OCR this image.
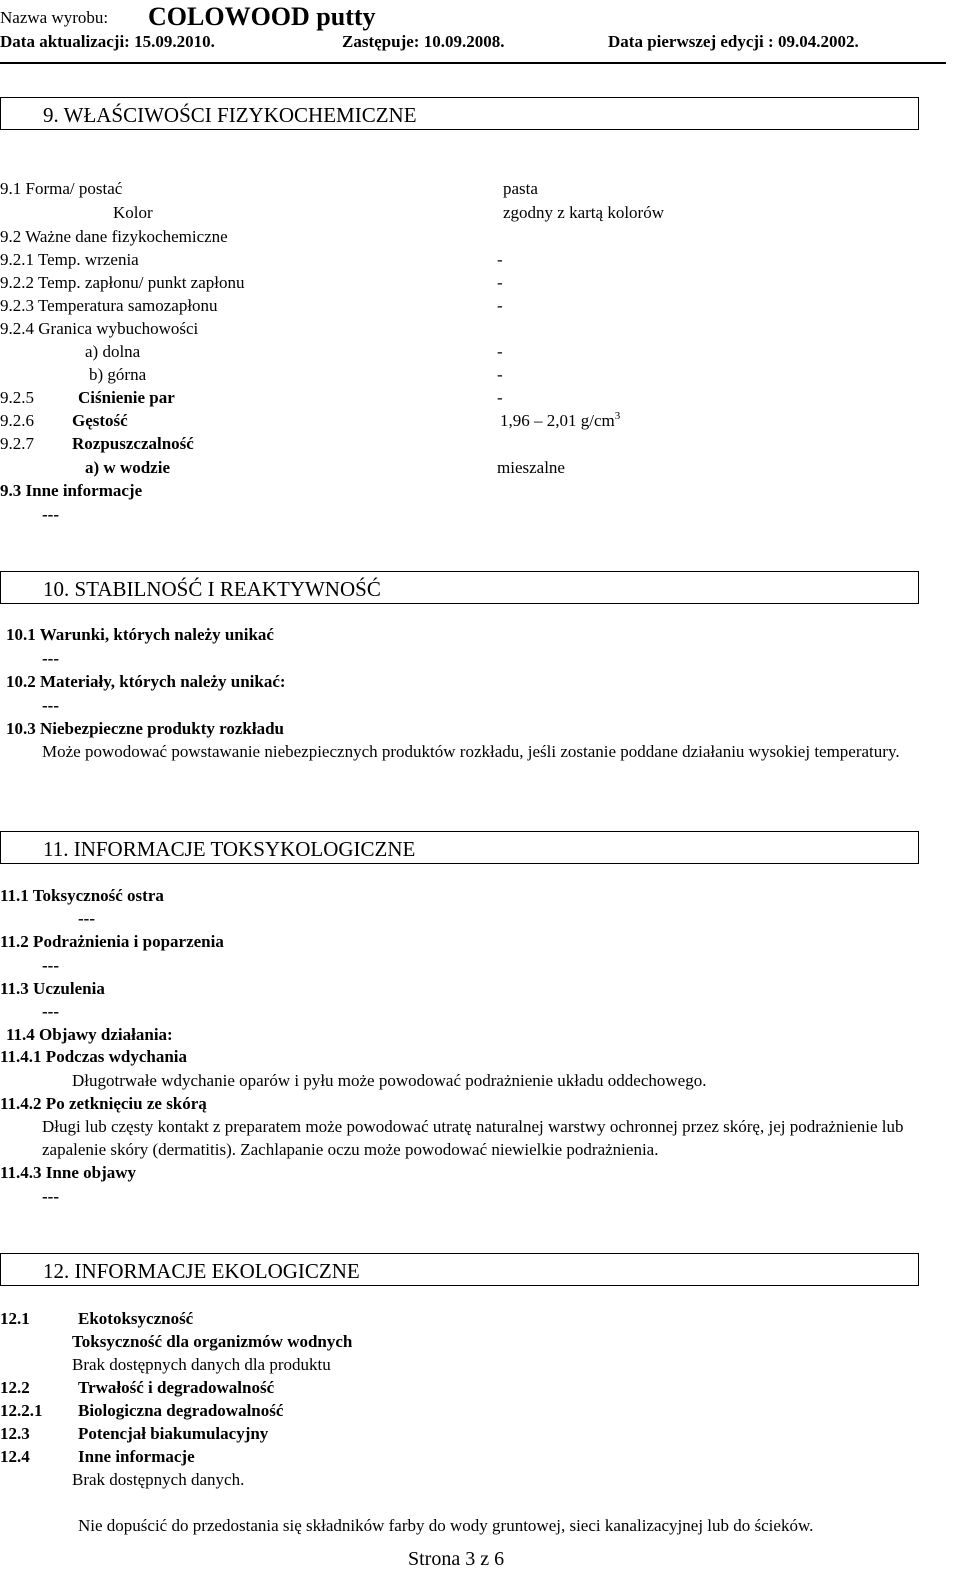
Nazwa wyrobu: COLOWOOD putty
Data aktualizacji: 15.09.2010.	Zastępuje: 10.09.2008.	Data pierwszej edycji : 09.04.2002.
9. WŁAŚCIWOŚCI FIZYKOCHEMICZNE
9.1 Forma/ postać	pasta
Kolor	zgodny z kartą kolorów
9.2 Ważne dane fizykochemiczne
9.2.1 Temp. wrzenia	-
9.2.2 Temp. zapłonu/ punkt zapłonu	-
9.2.3 Temperatura samozapłonu	-
9.2.4 Granica wybuchowości
a) dolna	-
b) górna	-
9.2.5	Ciśnienie par	-
9.2.6 Gęstość	1,96 – 2,01 $g/cm^3$
9.2.7 Rozpuszczalność
a) w wodzie	mieszalne
9.3 Inne informacje
---
10. STABILNOŚĆ I REAKTYWNOŚĆ
10.1 Warunki, których należy unikać
---
10.2 Materiały, których należy unikać:
---
10.3 Niebezpieczne produkty rozkładu
Może powodować powstawanie niebezpiecznych produktów rozkładu, jeśli zostanie poddane działaniu wysokiej temperatury.
11. INFORMACJE TOKSYKOLOGICZNE
11.1 Toksyczność ostra
---
11.2 Podrażnienia i poparzenia
---
11.3 Uczulenia
---
11.4 Objawy działania:
11.4.1 Podczas wdychania
Długotrwałe wdychanie oparów i pyłu może powodować podrażnienie układu oddechowego.
11.4.2 Po zetknięciu ze skórą
Długi lub częsty kontakt z preparatem może powodować utratę naturalnej warstwy ochronnej przez skórę, jej podrażnienie lub zapalenie skóry (dermatitis). Zachlapanie oczu może powodować niewielkie podrażnienia.
11.4.3 Inne objawy
---
12. INFORMACJE EKOLOGICZNE
12.1	Ekotoksyczność
Toksyczność dla organizmów wodnych
Brak dostępnych danych dla produktu
12.2	Trwałość i degradowalność
12.2.1 Biologiczna degradowalność
12.3	Potencjał biakumulacyjny
12.4	Inne informacje
Brak dostępnych danych.
Nie dopuścić do przedostania się składników farby do wody gruntowej, sieci kanalizacyjnej lub do ścieków.
Strona 3 z 6
